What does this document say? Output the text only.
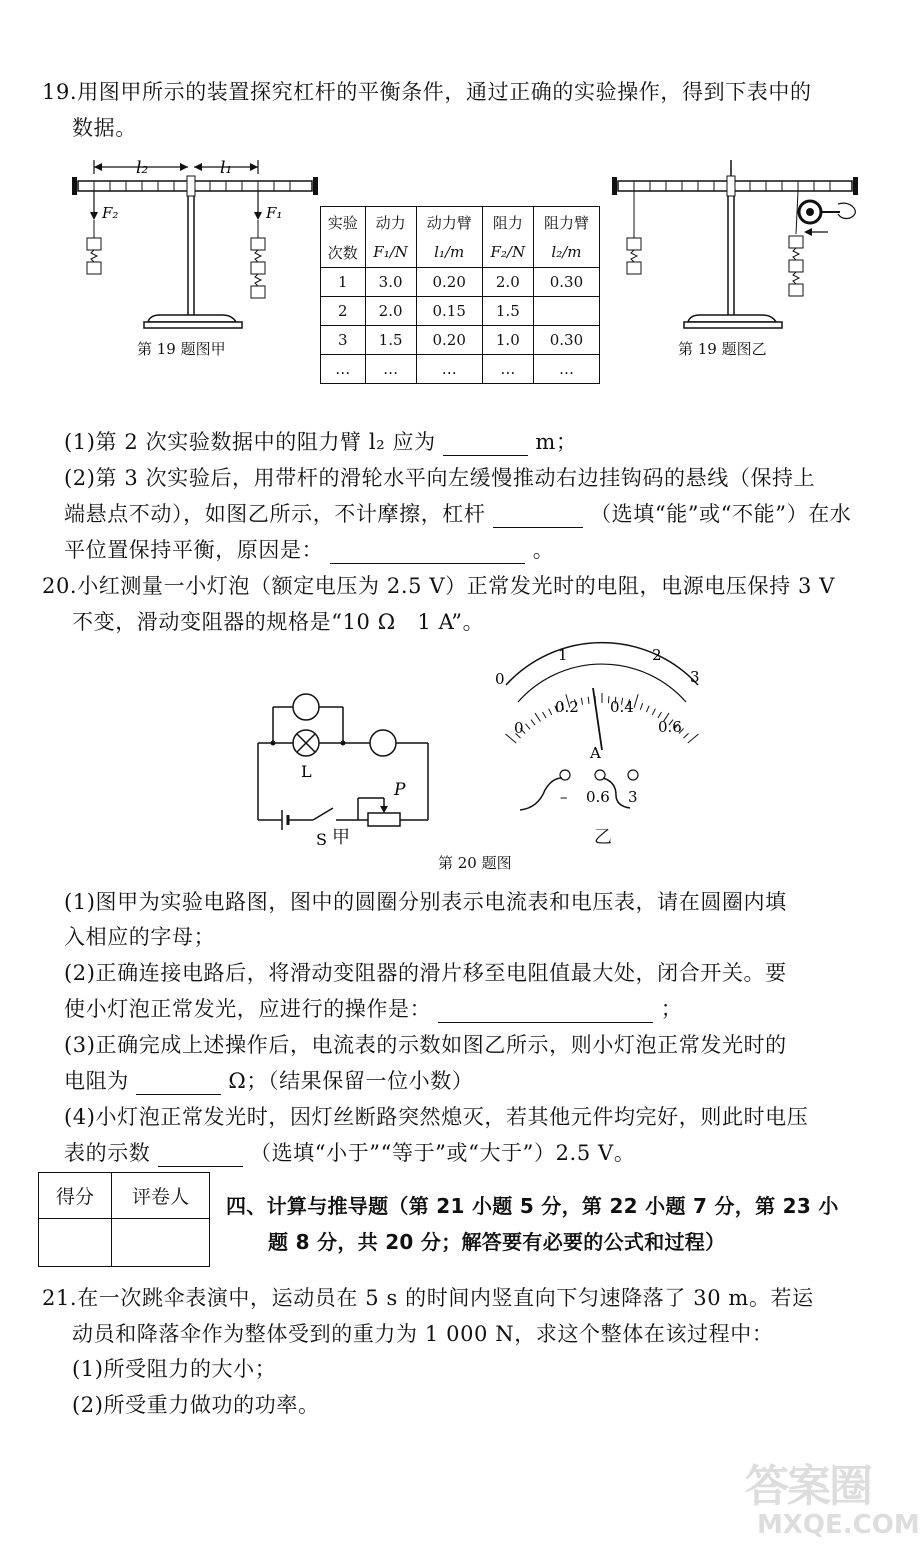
19.用图甲所示的装置探究杠杆的平衡条件，通过正确的实验操作，得到下表中的
数据。
l₂	l₁
F₂	F₁
第 19 题图甲
实验	动力	动力臂	阻力	阻力臂
次数	F₁/N	l₁/m	F₂/N	l₂/m
1	3.0	0.20	2.0	0.30
2	2.0	0.15	1.5	
3	1.5	0.20	1.0	0.30
…	…	…	…	…
第 19 题图乙
(1)第 2 次实验数据中的阻力臂 l₂ 应为	m；
(2)第 3 次实验后，用带杆的滑轮水平向左缓慢推动右边挂钩码的悬线（保持上
端悬点不动），如图乙所示，不计摩擦，杠杆	（选填“能”或“不能”）在水
平位置保持平衡，原因是：	。
20.小红测量一小灯泡（额定电压为 2.5 V）正常发光时的电阻，电源电压保持 3 V
不变，滑动变阻器的规格是“10 Ω　1 A”。
L
S
P
甲
0
1	2
3
0
0.2 0.4
0.6
A
– 0.6 3
乙
第 20 题图
(1)图甲为实验电路图，图中的圆圈分别表示电流表和电压表，请在圆圈内填
入相应的字母；
(2)正确连接电路后，将滑动变阻器的滑片移至电阻值最大处，闭合开关。要
使小灯泡正常发光，应进行的操作是：	；
(3)正确完成上述操作后，电流表的示数如图乙所示，则小灯泡正常发光时的
电阻为	Ω；（结果保留一位小数）
(4)小灯泡正常发光时，因灯丝断路突然熄灭，若其他元件均完好，则此时电压
表的示数	（选填“小于”“等于”或“大于”）2.5 V。
得分	评卷人
	四、计算与推导题（第 21 小题 5 分，第 22 小题 7 分，第 23 小
题 8 分，共 20 分；解答要有必要的公式和过程）
21.在一次跳伞表演中，运动员在 5 s 的时间内竖直向下匀速降落了 30 m。若运
动员和降落伞作为整体受到的重力为 1 000 N，求这个整体在该过程中：
(1)所受阻力的大小；
(2)所受重力做功的功率。
答案圈
MXQE.COM
